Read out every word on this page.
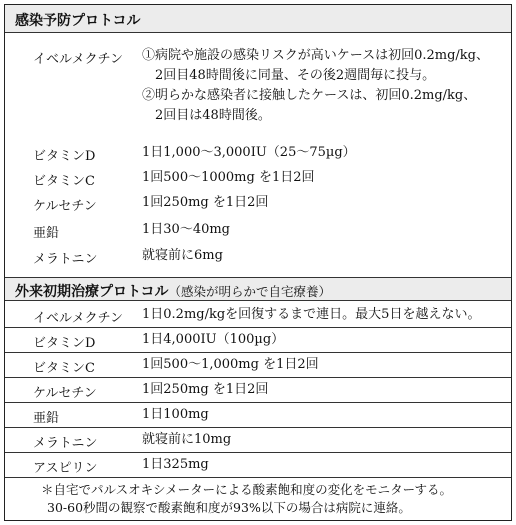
感染予防プロトコル
イベルメクチン ①病院や施設の感染リスクが高いケースは初回0.2mg/kg、
　2回目48時間後に同量、その後2週間毎に投与。
②明らかな感染者に接触したケースは、初回0.2mg/kg、
　2回目は48時間後。
ビタミンD	1日1,000～3,000IU（25～75µg）
ビタミンC	1回500～1000mg を1日2回
ケルセチン	1回250mg を1日2回
亜鉛	1日30～40mg
メラトニン	就寝前に6mg
外来初期治療プロトコル（感染が明らかで自宅療養）
イベルメクチン 1日0.2mg/kgを回復するまで連日。最大5日を越えない。
ビタミンD	1日4,000IU（100µg）
ビタミンC	1回500～1,000mg を1日2回
ケルセチン	1回250mg を1日2回
亜鉛	1日100mg
メラトニン	就寝前に10mg
アスピリン	1日325mg
＊自宅でパルスオキシメーターによる酸素飽和度の変化をモニターする。
30-60秒間の観察で酸素飽和度が93%以下の場合は病院に連絡。
